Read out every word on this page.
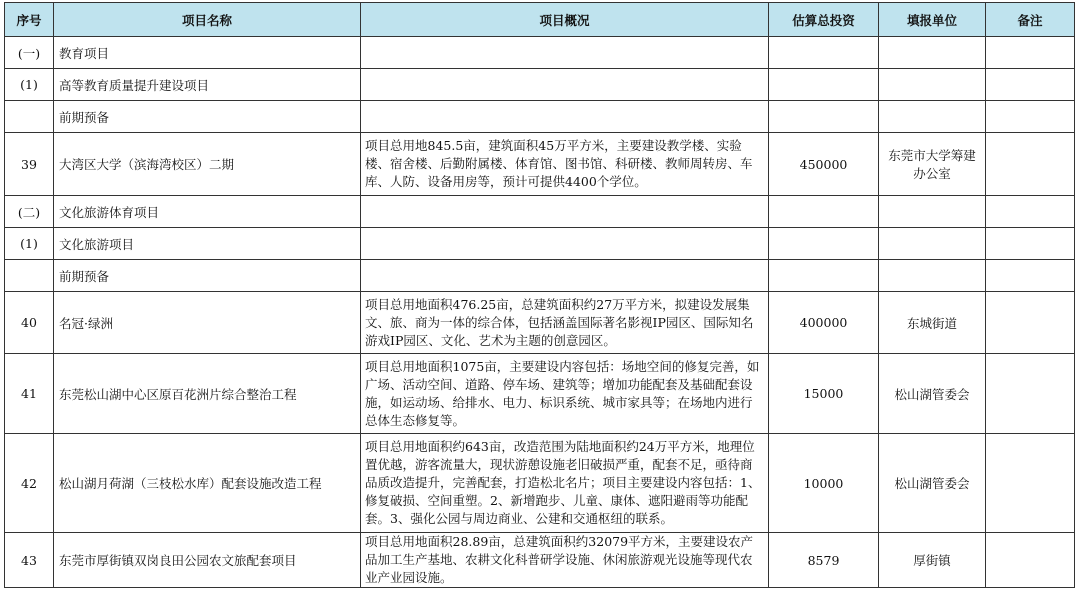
序号	项目名称	项目概况	估算总投资	填报单位	备注
(一)	教育项目				
(1)	高等教育质量提升建设项目				
	前期预备				
39	大湾区大学（滨海湾校区）二期	项目总用地845.5亩，建筑面积45万平方米，主要建设教学楼、实验楼、宿舍楼、后勤附属楼、体育馆、图书馆、科研楼、教师周转房、车库、人防、设备用房等，预计可提供4400个学位。	450000	东莞市大学筹建办公室	
(二)	文化旅游体育项目				
(1)	文化旅游项目				
	前期预备				
40	名冠·绿洲	项目总用地面积476.25亩，总建筑面积约27万平方米，拟建设发展集文、旅、商为一体的综合体，包括涵盖国际著名影视IP园区、国际知名游戏IP园区、文化、艺术为主题的创意园区。	400000	东城街道	
41	东莞松山湖中心区原百花洲片综合整治工程	项目总用地面积1075亩，主要建设内容包括：场地空间的修复完善，如广场、活动空间、道路、停车场、建筑等；增加功能配套及基础配套设施，如运动场、给排水、电力、标识系统、城市家具等；在场地内进行总体生态修复等。	15000	松山湖管委会	
42	松山湖月荷湖（三枝松水库）配套设施改造工程	项目总用地面积约643亩，改造范围为陆地面积约24万平方米，地理位置优越，游客流量大，现状游憩设施老旧破损严重，配套不足，亟待商品质改造提升，完善配套，打造松北名片；项目主要建设内容包括：1、修复破损、空间重塑。2、新增跑步、儿童、康体、遮阳避雨等功能配套。3、强化公园与周边商业、公建和交通枢纽的联系。	10000	松山湖管委会	
43	东莞市厚街镇双岗良田公园农文旅配套项目	项目总用地面积28.89亩，总建筑面积约32079平方米，主要建设农产品加工生产基地、农耕文化科普研学设施、休闲旅游观光设施等现代农业产业园设施。	8579	厚街镇	
